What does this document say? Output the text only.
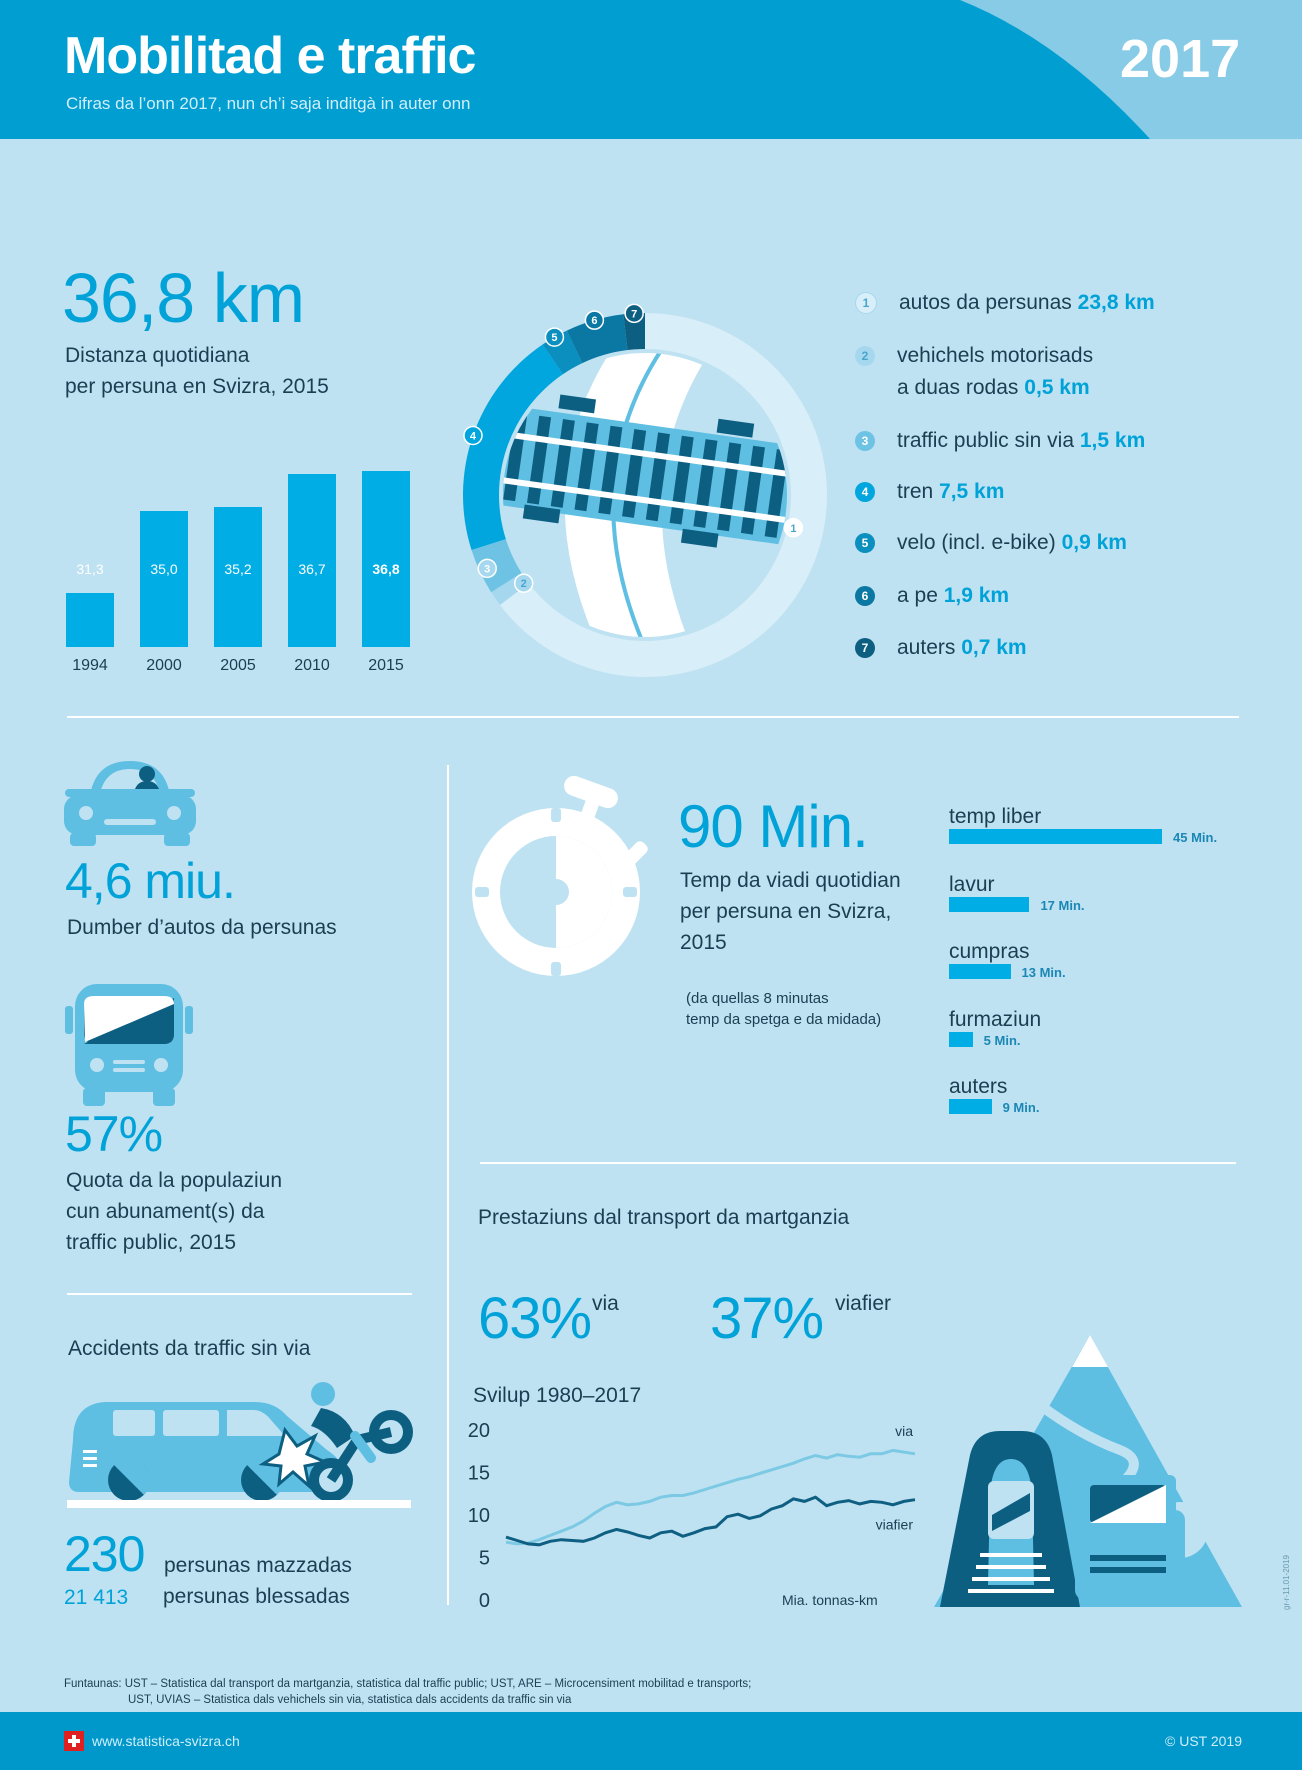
Mobilitad e traffic
Cifras da l’onn 2017, nun ch’i saja inditgà in auter onn
2017
36,8 km
Distanza quotidiana
per persuna en Svizra, 2015
31,3
1994
35,0
2000
35,2
2005
36,7
2010
36,8
2015
1
2
3
4
5
6
7
1	autos da persunas 23,8 km
2	vehichels motorisads
a duas rodas 0,5 km
3	traffic public sin via 1,5 km
4	tren 7,5 km
5	velo (incl. e-bike) 0,9 km
6	a pe 1,9 km
7	auters 0,7 km
4,6 miu.
Dumber d’autos da persunas
57%
Quota da la populaziun
cun abunament(s) da
traffic public, 2015
Accidents da traffic sin via
230 persunas mazzadas
21 413 persunas blessadas
90 Min.
Temp da viadi quotidian
per persuna en Svizra,
2015
(da quellas 8 minutas
temp da spetga e da midada)
temp liber
45 Min.
lavur
17 Min.
cumpras
13 Min.
furmaziun
5 Min.
auters
9 Min.
Prestaziuns dal transport da martganzia
63% via 37% viafier
Svilup 1980–2017
20
15
10
5
0
via
viafier
Mia. tonnas-km	gr-r-11.01-2019
Funtaunas: UST – Statistica dal transport da martganzia, statistica dal traffic public; UST, ARE – Microcensiment mobilitad e transports;
UST, UVIAS – Statistica dals vehichels sin via, statistica dals accidents da traffic sin via
www.statistica-svizra.ch	© UST 2019
